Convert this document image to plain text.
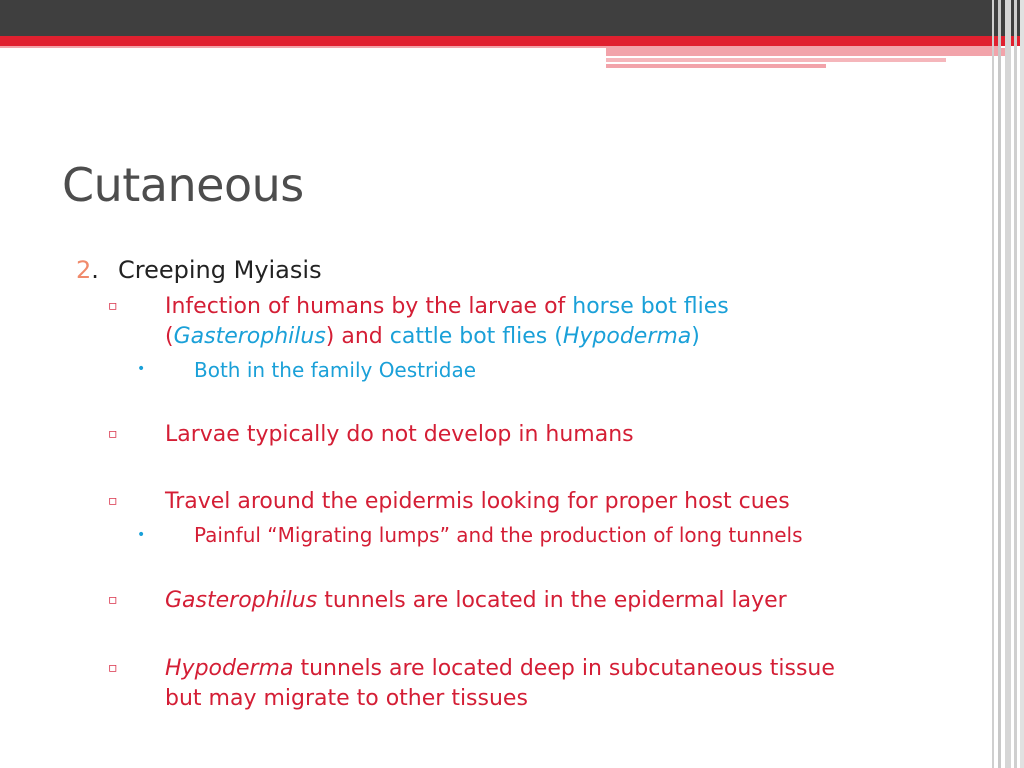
Cutaneous
2. Creeping Myiasis
▫ Infection of humans by the larvae of horse bot flies
(Gasterophilus) and cattle bot flies (Hypoderma)
• Both in the family Oestridae
▫ Larvae typically do not develop in humans
▫ Travel around the epidermis looking for proper host cues
• Painful “Migrating lumps” and the production of long tunnels
▫ Gasterophilus tunnels are located in the epidermal layer
▫ Hypoderma tunnels are located deep in subcutaneous tissue
but may migrate to other tissues
